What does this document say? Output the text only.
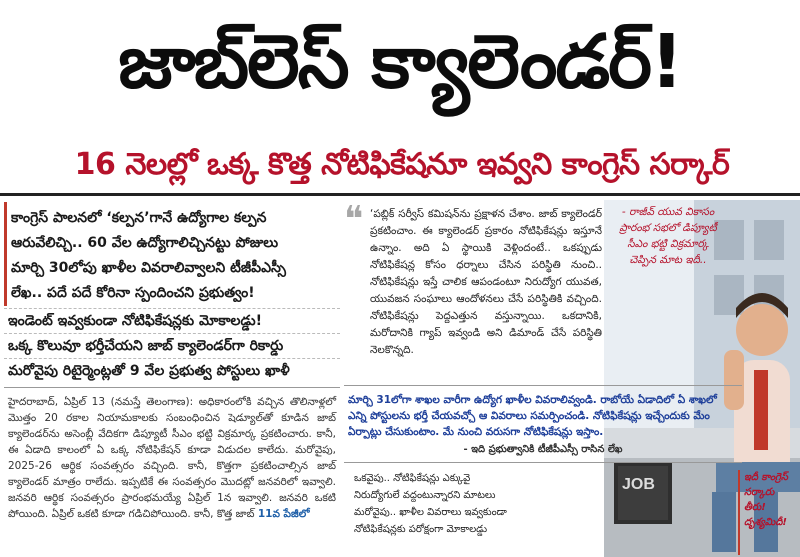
జాబ్‌లెస్ క్యాలెండర్!
16 నెలల్లో ఒక్క కొత్త నోటిఫికేషనూ ఇవ్వని కాంగ్రెస్ సర్కార్
కాంగ్రెస్ పాలనలో ‘కల్పన’గానే ఉద్యోగాల కల్పన
ఆరువేలిచ్చి.. 60 వేల ఉద్యోగాలిచ్చినట్టు పోజులు
మార్చి 30లోపు ఖాళీల వివరాలివ్వాలని టీజీపీఎస్సీ
లేఖ.. పదే పదే కోరినా స్పందించని ప్రభుత్వం!
ఇండెంట్ ఇవ్వకుండా నోటిఫికేషన్లకు మోకాలడ్డు!
ఒక్క కొలువూ భర్తీచేయని జాబ్ క్యాలెండర్‌గా రికార్డు
మరోవైపు రిటైర్మెంట్లతో 9 వేల ప్రభుత్వ పోస్టులు ఖాళీ
హైదరాబాద్, ఏప్రిల్ 13 (నమస్తే తెలంగాణ): అధికారంలోకి వచ్చిన తొలినాళ్లలో మొత్తం 20 రకాల నియామకాలకు సంబంధించిన షెడ్యూల్‌తో కూడిన జాబ్ క్యాలెండర్‌ను అసెంబ్లీ వేదికగా డిప్యూటీ సీఎం భట్టి విక్రమార్క ప్రకటించారు. కానీ, ఈ ఏడాది కాలంలో ఏ ఒక్క నోటిఫికేషన్ కూడా విడుదల కాలేదు. మరోవైపు, 2025-26 ఆర్థిక సంవత్సరం వచ్చింది. కానీ, కొత్తగా ప్రకటించాల్సిన జాబ్ క్యాలెండర్ మాత్రం రాలేదు. ఇప్పటికే ఈ సంవత్సరం మొదట్లో జనవరిలో ఇవ్వాలి. జనవరి ఆర్థిక సంవత్సరం ప్రారంభమయ్యే ఏప్రిల్ 1న ఇవ్వాలి. జనవరి ఒకటి పోయింది. ఏప్రిల్ ఒకటి కూడా గడిచిపోయింది. కానీ, కొత్త జాబ్ 11వ పేజీలో
❝ ‘పబ్లిక్ సర్వీస్ కమిషన్‌ను ప్రక్షాళన చేశాం. జాబ్ క్యాలెండర్ ప్రకటించాం. ఈ క్యాలెండర్ ప్రకారం నోటిఫికేషన్లు ఇస్తూనే ఉన్నాం. అది ఏ స్థాయికి వెళ్లిందంటే.. ఒకప్పుడు నోటిఫికేషన్ల కోసం ధర్నాలు చేసిన పరిస్థితి నుంచి.. నోటిఫికేషన్లు ఇస్తే చాలిక ఆపండంటూ నిరుద్యోగ యువత, యువజన సంఘాలు ఆందోళనలు చేసే పరిస్థితికి వచ్చింది. నోటిఫికేషన్లు పెద్దఎత్తున వస్తున్నాయి. ఒకదానికి, మరోదానికి గ్యాప్ ఇవ్వండి అని డిమాండ్ చేసే పరిస్థితి నెలకొన్నది.
JOB
- రాజీవ్ యువ వికాసం ప్రారంభ సభలో డిప్యూటీ సీఎం భట్టి విక్రమార్క చెప్పిన మాట ఇదీ..
మార్చి 31లోగా శాఖల వారీగా ఉద్యోగ ఖాళీల వివరాలివ్వండి. రాబోయే ఏడాదిలో ఏ శాఖలో ఎన్ని పోస్టులను భర్తీ చేయవచ్చో ఆ వివరాలు సమర్పించండి. నోటిఫికేషన్లు ఇచ్చేందుకు మేం ఏర్పాట్లు చేసుకుంటాం. మే నుంచి వరుసగా నోటిఫికేషన్లు ఇస్తాం.
- ఇది ప్రభుత్వానికి టీజీపీఎస్సీ రాసిన లేఖ
ఒకవైపు.. నోటిఫికేషన్లు ఎక్కువై
నిరుద్యోగులే వద్దంటున్నారని మాటలు
మరోవైపు.. ఖాళీల వివరాలు ఇవ్వకుండా
నోటిఫికేషన్లకు పరోక్షంగా మోకాలడ్డు
ఇదీ కాంగ్రెస్ సర్కారు తీరు! దృశ్యమిదీ!
